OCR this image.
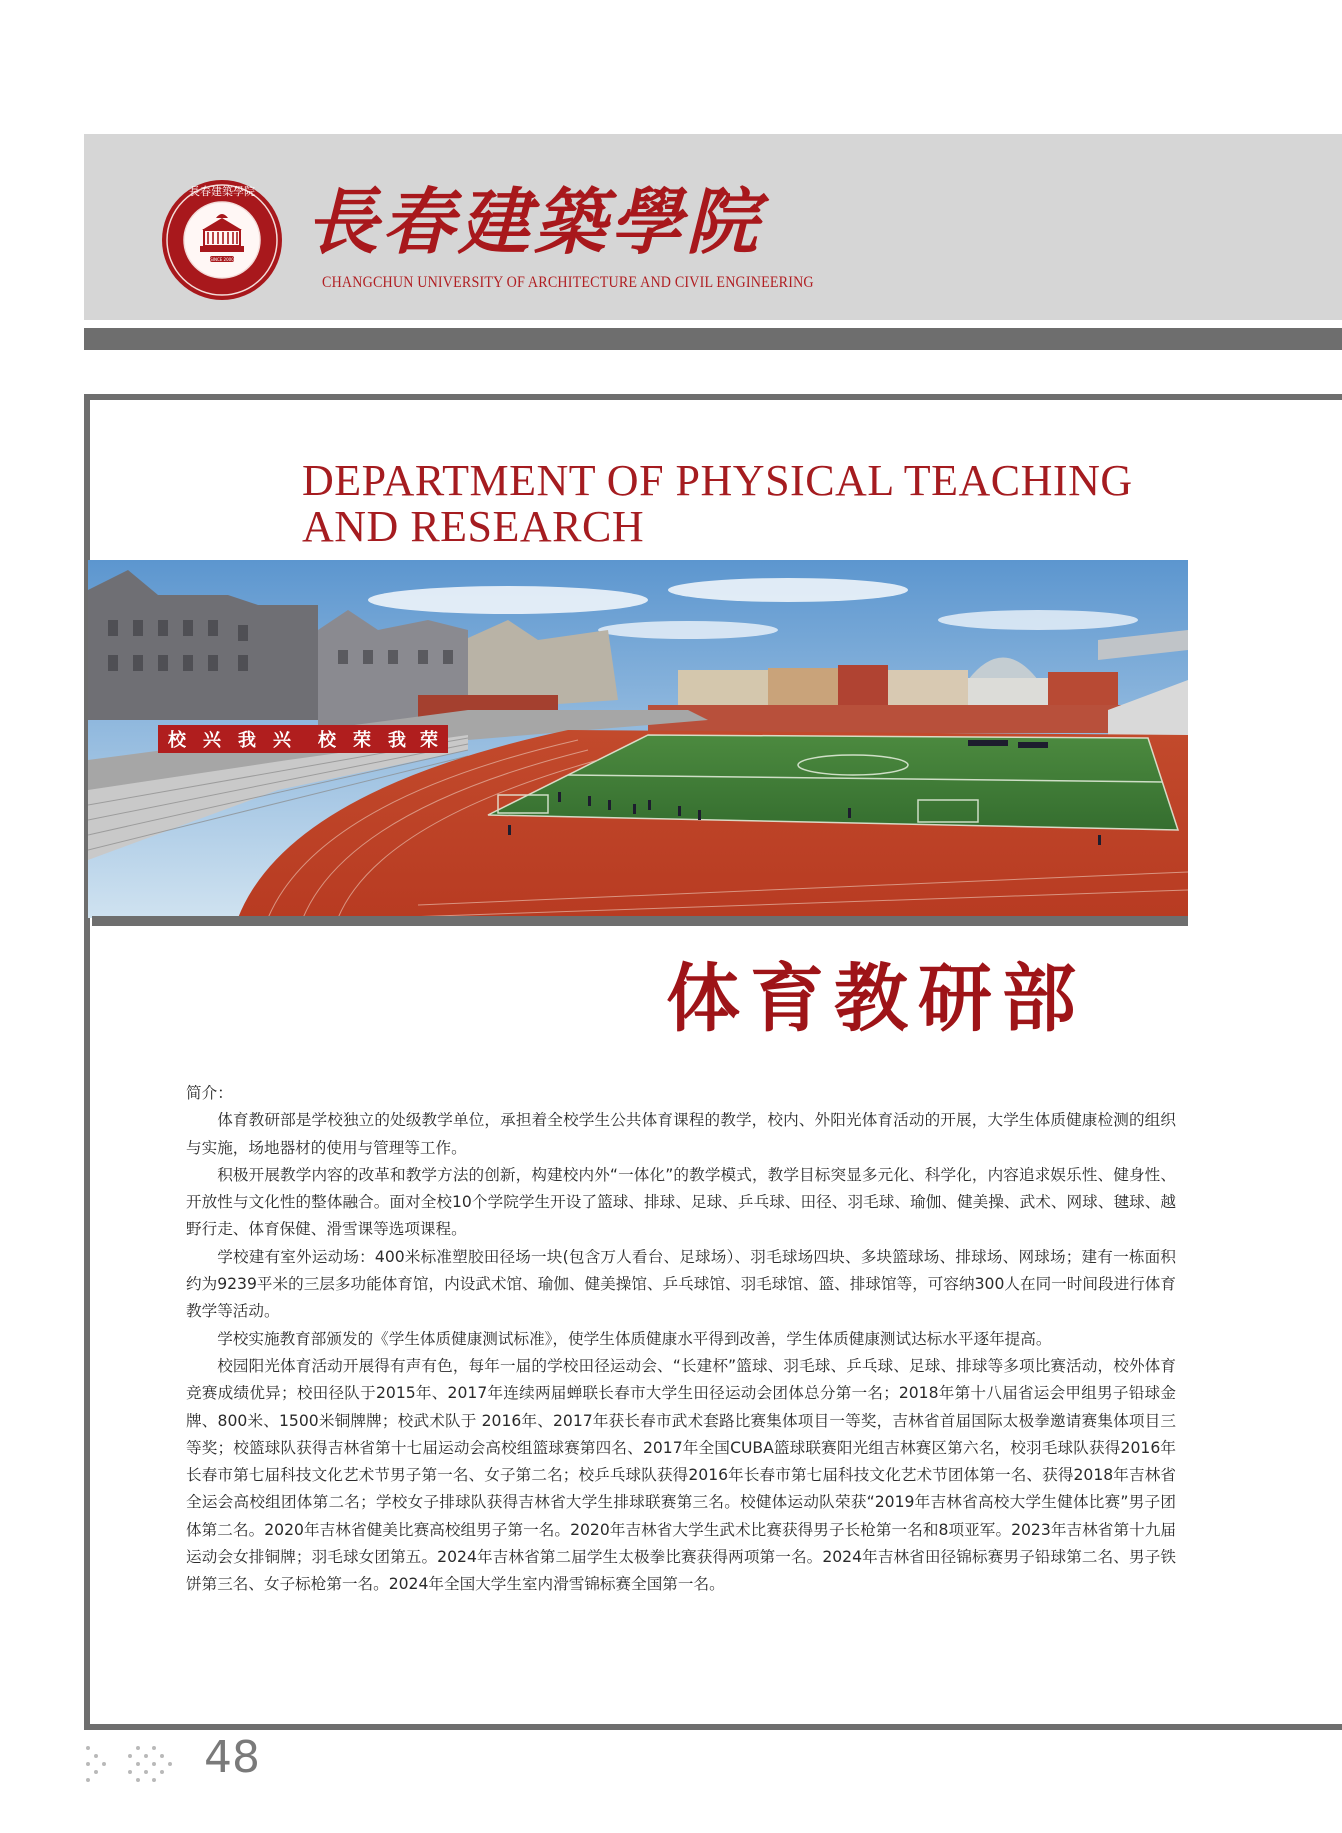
SINCE 2000
長春建築學院 長春建築學院
CHANGCHUN UNIVERSITY OF ARCHITECTURE AND CIVIL ENGINEERING
DEPARTMENT OF PHYSICAL TEACHING
AND RESEARCH
校 兴 我 兴 校 荣 我 荣
体育教研部

简介：

体育教研部是学校独立的处级教学单位，承担着全校学生公共体育课程的教学，校内、外阳光体育活动的开展，大学生体质健康检测的组织与实施，场地器材的使用与管理等工作。

积极开展教学内容的改革和教学方法的创新，构建校内外“一体化”的教学模式，教学目标突显多元化、科学化，内容追求娱乐性、健身性、开放性与文化性的整体融合。面对全校10个学院学生开设了篮球、排球、足球、乒乓球、田径、羽毛球、瑜伽、健美操、武术、网球、毽球、越野行走、体育保健、滑雪课等选项课程。

学校建有室外运动场：400米标准塑胶田径场一块(包含万人看台、足球场）、羽毛球场四块、多块篮球场、排球场、网球场；建有一栋面积约为9239平米的三层多功能体育馆，内设武术馆、瑜伽、健美操馆、乒乓球馆、羽毛球馆、篮、排球馆等，可容纳300人在同一时间段进行体育教学等活动。

学校实施教育部颁发的《学生体质健康测试标准》，使学生体质健康水平得到改善，学生体质健康测试达标水平逐年提高。

校园阳光体育活动开展得有声有色，每年一届的学校田径运动会、“长建杯”篮球、羽毛球、乒乓球、足球、排球等多项比赛活动，校外体育竞赛成绩优异；校田径队于2015年、2017年连续两届蝉联长春市大学生田径运动会团体总分第一名；2018年第十八届省运会甲组男子铅球金牌、800米、1500米铜牌牌；校武术队于 2016年、2017年获长春市武术套路比赛集体项目一等奖，吉林省首届国际太极拳邀请赛集体项目三等奖；校篮球队获得吉林省第十七届运动会高校组篮球赛第四名、2017年全国CUBA篮球联赛阳光组吉林赛区第六名，校羽毛球队获得2016年长春市第七届科技文化艺术节男子第一名、女子第二名；校乒乓球队获得2016年长春市第七届科技文化艺术节团体第一名、获得2018年吉林省全运会高校组团体第二名；学校女子排球队获得吉林省大学生排球联赛第三名。校健体运动队荣获“2019年吉林省高校大学生健体比赛”男子团体第二名。2020年吉林省健美比赛高校组男子第一名。2020年吉林省大学生武术比赛获得男子长枪第一名和8项亚军。2023年吉林省第十九届运动会女排铜牌；羽毛球女团第五。2024年吉林省第二届学生太极拳比赛获得两项第一名。2024年吉林省田径锦标赛男子铅球第二名、男子铁饼第三名、女子标枪第一名。2024年全国大学生室内滑雪锦标赛全国第一名。

48
